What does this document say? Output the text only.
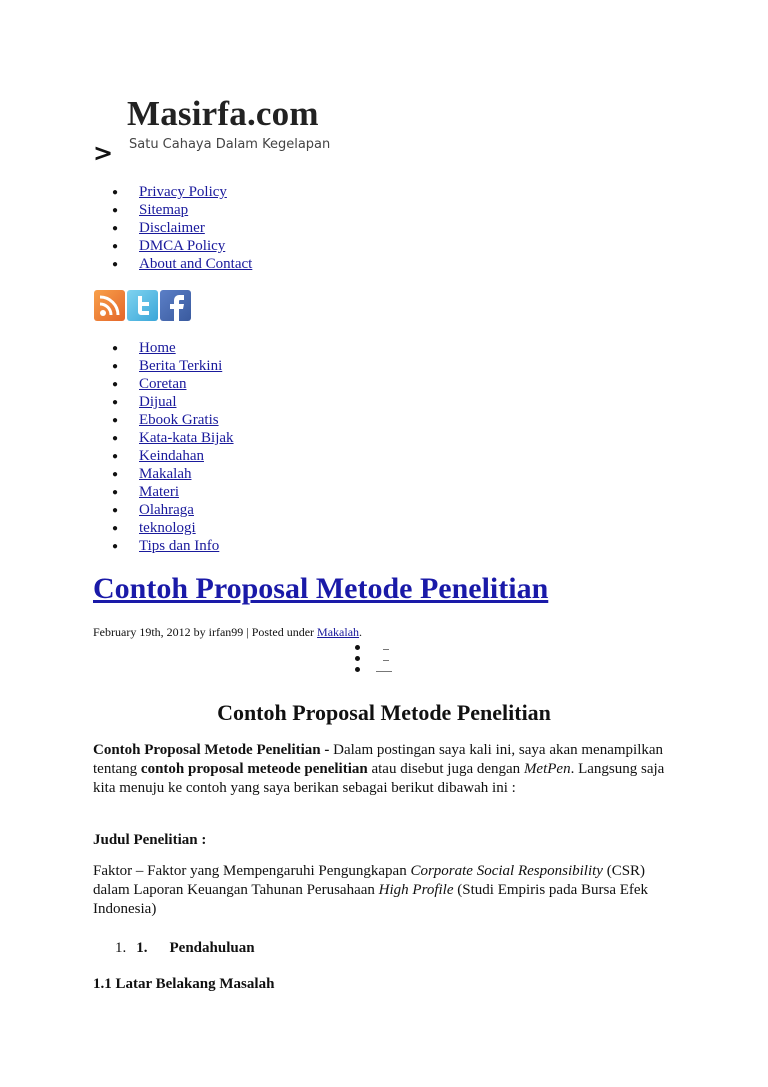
>
Masirfa.com
Satu Cahaya Dalam Kegelapan
● Privacy Policy
● Sitemap
● Disclaimer
● DMCA Policy
● About and Contact
● Home
● Berita Terkini
● Coretan
● Dijual
● Ebook Gratis
● Kata-kata Bijak
● Keindahan
● Makalah
● Materi
● Olahraga
● teknologi
● Tips dan Info
Contoh Proposal Metode Penelitian
February 19th, 2012 by irfan99 | Posted under Makalah.
Contoh Proposal Metode Penelitian
Contoh Proposal Metode Penelitian - Dalam postingan saya kali ini, saya akan menampilkan tentang contoh proposal meteode penelitian atau disebut juga dengan MetPen. Langsung saja kita menuju ke contoh yang saya berikan sebagai berikut dibawah ini :
Judul Penelitian :
Faktor – Faktor yang Mempengaruhi Pengungkapan Corporate Social Responsibility (CSR) dalam Laporan Keuangan Tahunan Perusahaan High Profile (Studi Empiris pada Bursa Efek Indonesia)
1. 1. Pendahuluan
1.1 Latar Belakang Masalah
